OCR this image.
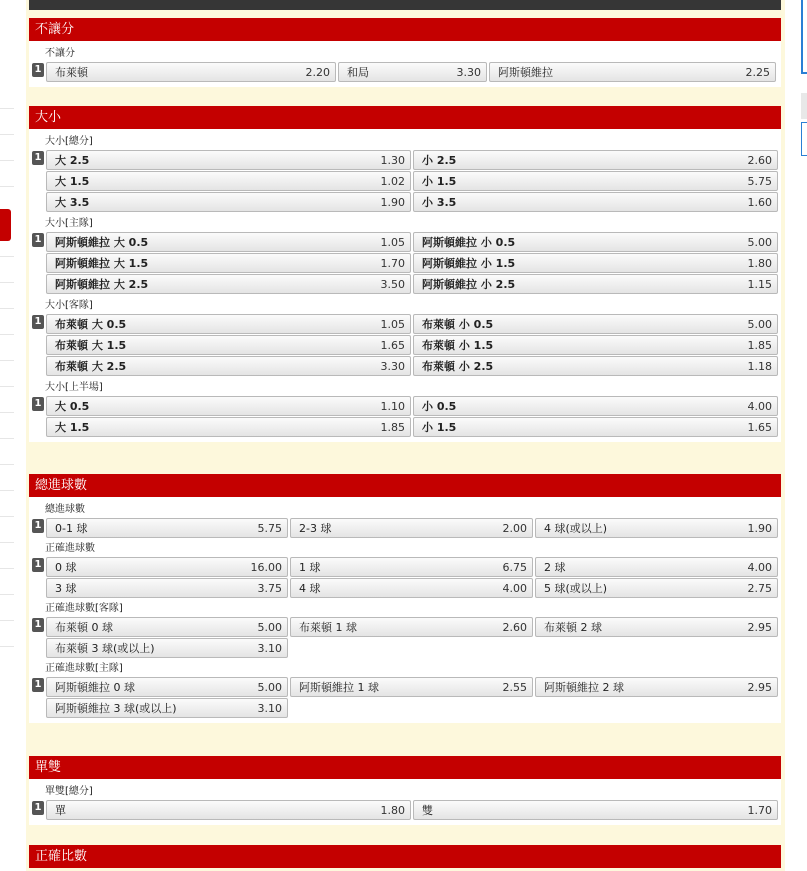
不讓分
不讓分
1 布萊頓	2.20 和局	3.30 阿斯頓維拉	2.25
大小
大小[總分]
1 大 2.5	1.30 小 2.5	2.60
大 1.5	1.02 小 1.5	5.75
大 3.5	1.90 小 3.5	1.60
大小[主隊]
1 阿斯頓維拉 大 0.5	1.05 阿斯頓維拉 小 0.5	5.00
阿斯頓維拉 大 1.5	1.70 阿斯頓維拉 小 1.5	1.80
阿斯頓維拉 大 2.5	3.50 阿斯頓維拉 小 2.5	1.15
大小[客隊]
1 布萊頓 大 0.5	1.05 布萊頓 小 0.5	5.00
布萊頓 大 1.5	1.65 布萊頓 小 1.5	1.85
布萊頓 大 2.5	3.30 布萊頓 小 2.5	1.18
大小[上半場]
1 大 0.5	1.10 小 0.5	4.00
大 1.5	1.85 小 1.5	1.65
總進球數
總進球數
1 0-1 球	5.75 2-3 球	2.00 4 球(或以上)	1.90
正確進球數
1 0 球	16.00 1 球	6.75 2 球	4.00
3 球	3.75 4 球	4.00 5 球(或以上)	2.75
正確進球數[客隊]
1 布萊頓 0 球	5.00 布萊頓 1 球	2.60 布萊頓 2 球	2.95
布萊頓 3 球(或以上)	3.10
正確進球數[主隊]
1 阿斯頓維拉 0 球	5.00 阿斯頓維拉 1 球	2.55 阿斯頓維拉 2 球	2.95
阿斯頓維拉 3 球(或以上)	3.10
單雙
單雙[總分]
1 單	1.80 雙	1.70
正確比數
